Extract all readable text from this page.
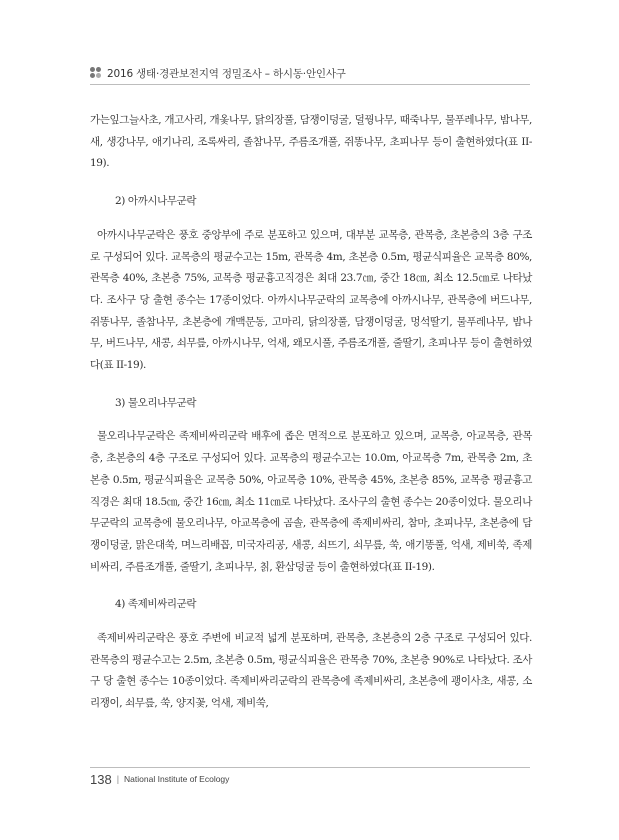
2016 생태·경관보전지역 정밀조사 – 하시동·안인사구

가는잎그늘사초, 개고사리, 개옻나무, 닭의장풀, 담쟁이덩굴, 덜꿩나무, 때죽나무, 물푸레나무, 밤나무, 새, 생강나무, 애기나리, 조록싸리, 졸참나무, 주름조개풀, 쥐똥나무, 초피나무 등이 출현하였다(표 II-19).

2) 아까시나무군락

아까시나무군락은 풍호 중앙부에 주로 분포하고 있으며, 대부분 교목층, 관목층, 초본층의 3층 구조로 구성되어 있다. 교목층의 평균수고는 15m, 관목층 4m, 초본층 0.5m, 평균식피율은 교목층 80%, 관목층 40%, 초본층 75%, 교목층 평균흉고직경은 최대 23.7㎝, 중간 18㎝, 최소 12.5㎝로 나타났다. 조사구 당 출현 종수는 17종이었다. 아까시나무군락의 교목층에 아까시나무, 관목층에 버드나무, 쥐똥나무, 졸참나무, 초본층에 개맥문동, 고마리, 닭의장풀, 담쟁이덩굴, 멍석딸기, 물푸레나무, 밤나무, 버드나무, 새콩, 쇠무릎, 아까시나무, 억새, 왜모시풀, 주름조개풀, 줄딸기, 초피나무 등이 출현하였다(표 II-19).

3) 물오리나무군락

물오리나무군락은 족제비싸리군락 배후에 좁은 면적으로 분포하고 있으며, 교목층, 아교목층, 관목층, 초본층의 4층 구조로 구성되어 있다. 교목층의 평균수고는 10.0m, 아교목층 7m, 관목층 2m, 초본층 0.5m, 평균식피율은 교목층 50%, 아교목층 10%, 관목층 45%, 초본층 85%, 교목층 평균흉고직경은 최대 18.5㎝, 중간 16㎝, 최소 11㎝로 나타났다. 조사구의 출현 종수는 20종이었다. 물오리나무군락의 교목층에 물오리나무, 아교목층에 곰솔, 관목층에 족제비싸리, 참마, 초피나무, 초본층에 담쟁이덩굴, 맑은대쑥, 며느리배꼽, 미국자리공, 새콩, 쇠뜨기, 쇠무릎, 쑥, 애기똥풀, 억새, 제비쑥, 족제비싸리, 주름조개풀, 줄딸기, 초피나무, 칡, 환삼덩굴 등이 출현하였다(표 II-19).

4) 족제비싸리군락

족제비싸리군락은 풍호 주변에 비교적 넓게 분포하며, 관목층, 초본층의 2층 구조로 구성되어 있다. 관목층의 평균수고는 2.5m, 초본층 0.5m, 평균식피율은 관목층 70%, 초본층 90%로 나타났다. 조사구 당 출현 종수는 10종이었다. 족제비싸리군락의 관목층에 족제비싸리, 초본층에 괭이사초, 새콩, 소리쟁이, 쇠무릎, 쑥, 양지꽃, 억새, 제비쑥,

138 | National Institute of Ecology
